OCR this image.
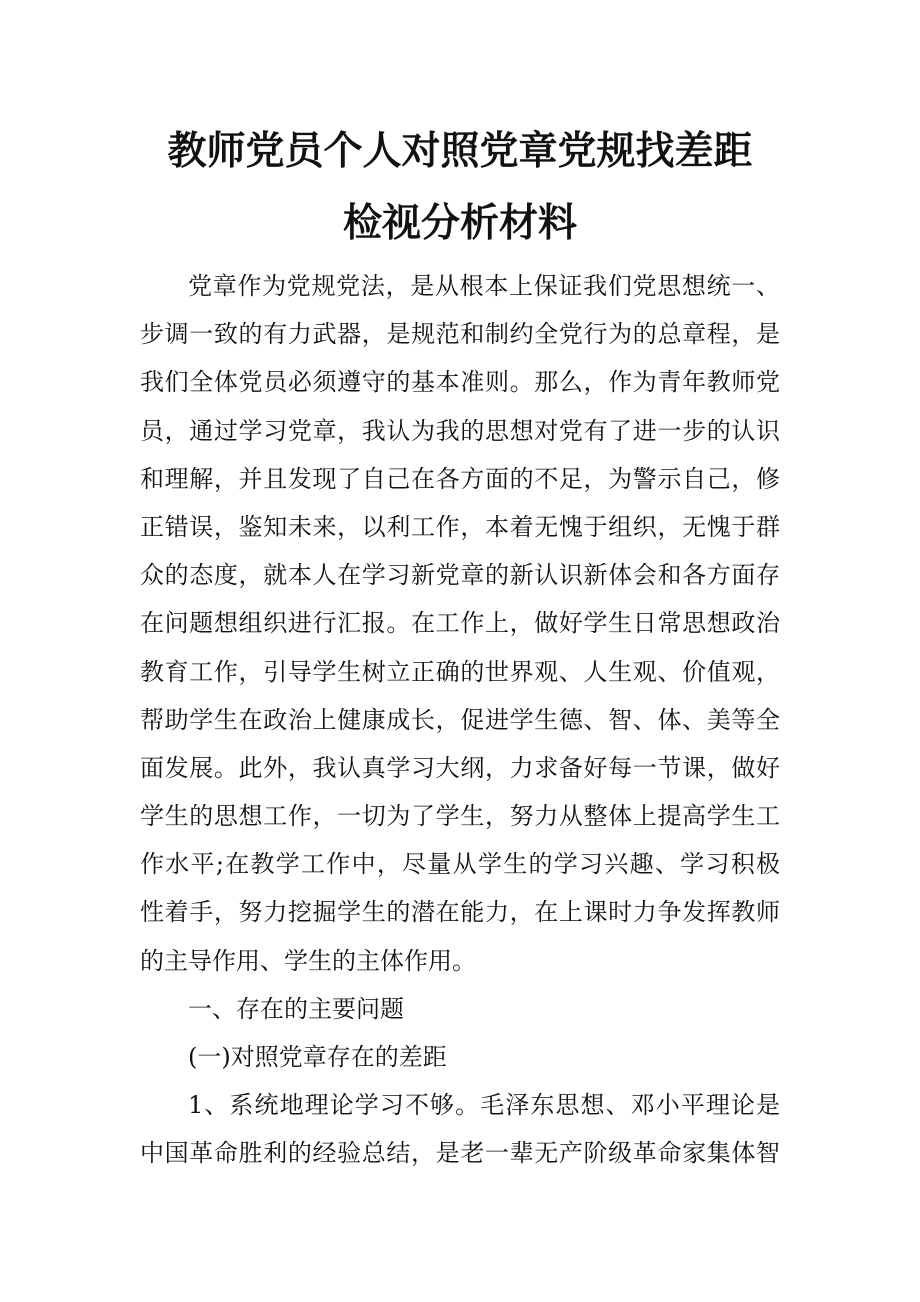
教师党员个人对照党章党规找差距
检视分析材料
党章作为党规党法，是从根本上保证我们党思想统一、
步调一致的有力武器，是规范和制约全党行为的总章程，是
我们全体党员必须遵守的基本准则。那么，作为青年教师党
员，通过学习党章，我认为我的思想对党有了进一步的认识
和理解，并且发现了自己在各方面的不足，为警示自己，修
正错误，鉴知未来，以利工作，本着无愧于组织，无愧于群
众的态度，就本人在学习新党章的新认识新体会和各方面存
在问题想组织进行汇报。在工作上，做好学生日常思想政治
教育工作，引导学生树立正确的世界观、人生观、价值观，
帮助学生在政治上健康成长，促进学生德、智、体、美等全
面发展。此外，我认真学习大纲，力求备好每一节课，做好
学生的思想工作，一切为了学生，努力从整体上提高学生工
作水平;在教学工作中，尽量从学生的学习兴趣、学习积极
性着手，努力挖掘学生的潜在能力，在上课时力争发挥教师
的主导作用、学生的主体作用。
一、存在的主要问题
(一)对照党章存在的差距
1、系统地理论学习不够。毛泽东思想、邓小平理论是
中国革命胜利的经验总结，是老一辈无产阶级革命家集体智
